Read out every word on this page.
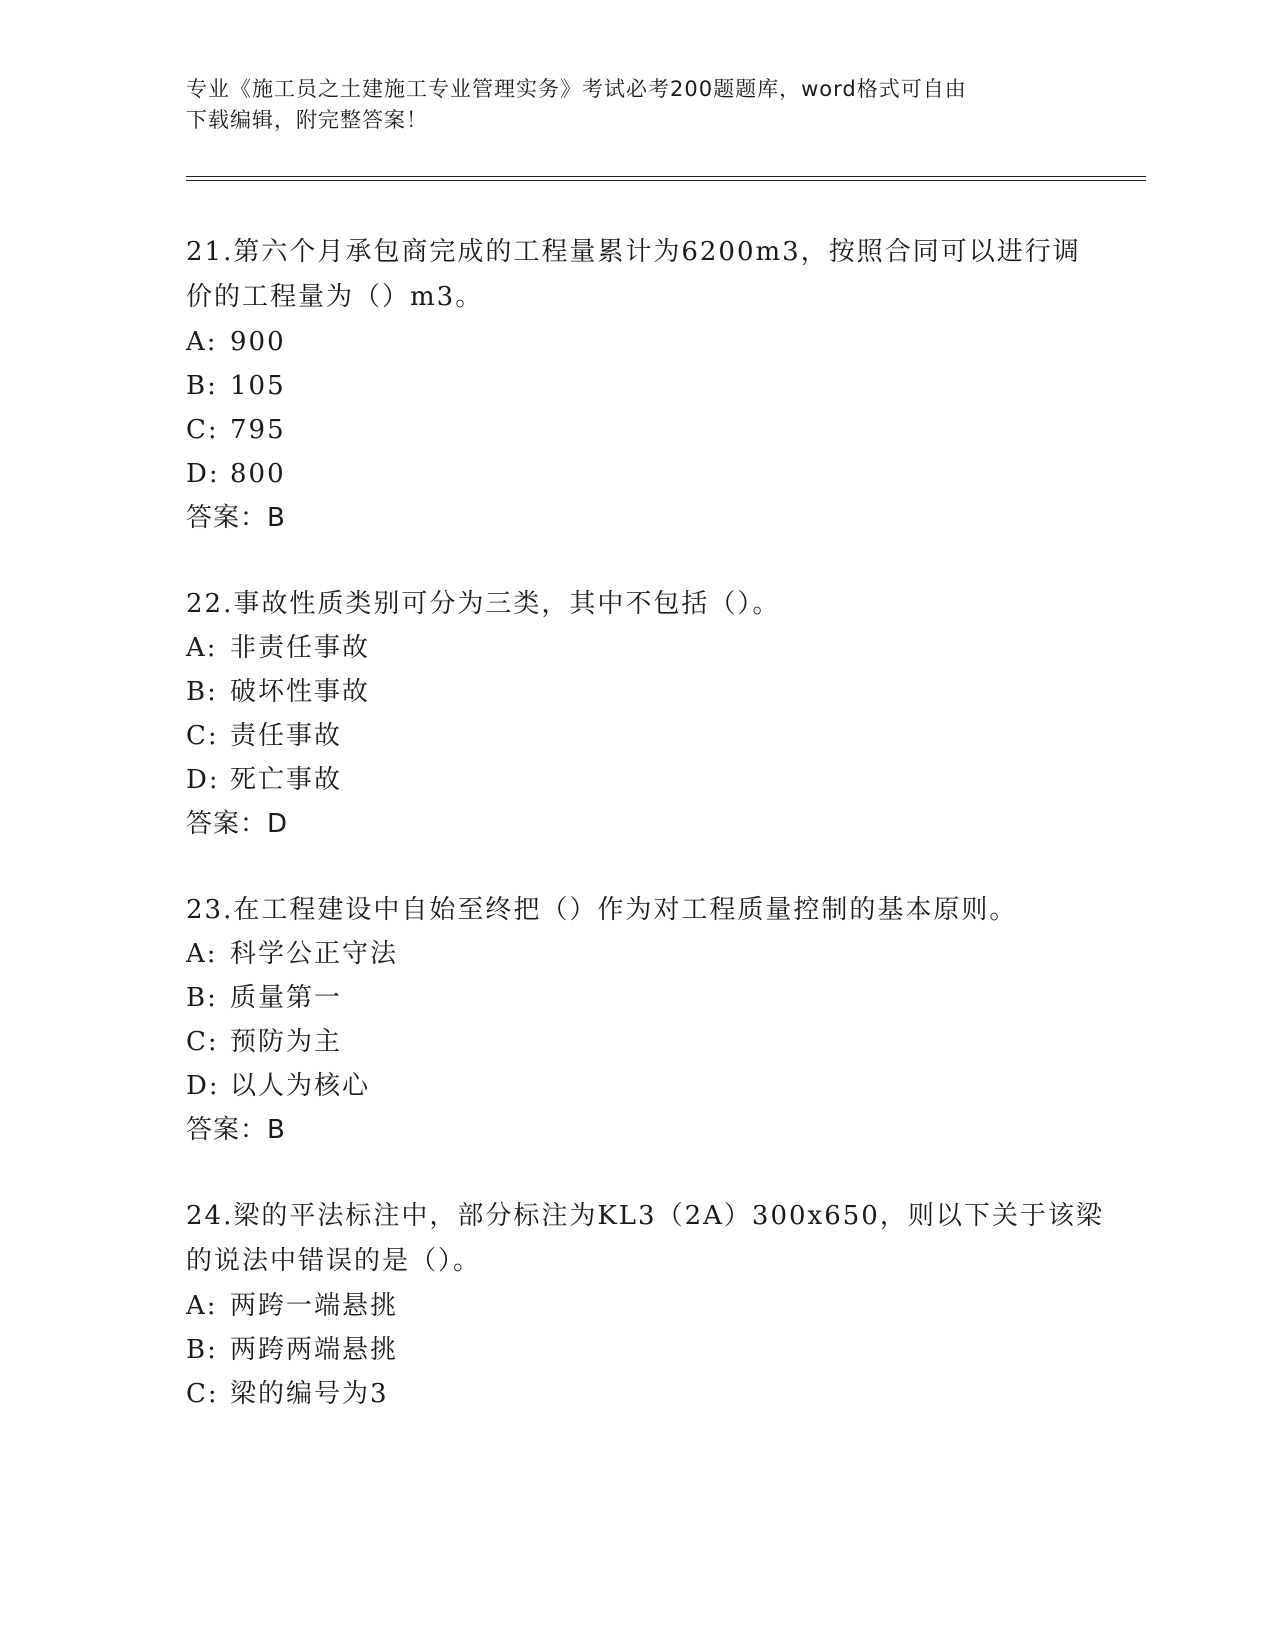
专业《施工员之土建施工专业管理实务》考试必考200题题库，word格式可自由

下载编辑，附完整答案！

21.第六个月承包商完成的工程量累计为6200m3，按照合同可以进行调
价的工程量为（）m3。
A: 900
B: 105
C: 795
D: 800
答案：B
22.事故性质类别可分为三类，其中不包括（）。
A: 非责任事故
B: 破坏性事故
C: 责任事故
D: 死亡事故
答案：D
23.在工程建设中自始至终把（）作为对工程质量控制的基本原则。
A: 科学公正守法
B: 质量第一
C: 预防为主
D: 以人为核心
答案：B
24.梁的平法标注中，部分标注为KL3（2A）300x650，则以下关于该梁
的说法中错误的是（）。
A: 两跨一端悬挑
B: 两跨两端悬挑
C: 梁的编号为3
